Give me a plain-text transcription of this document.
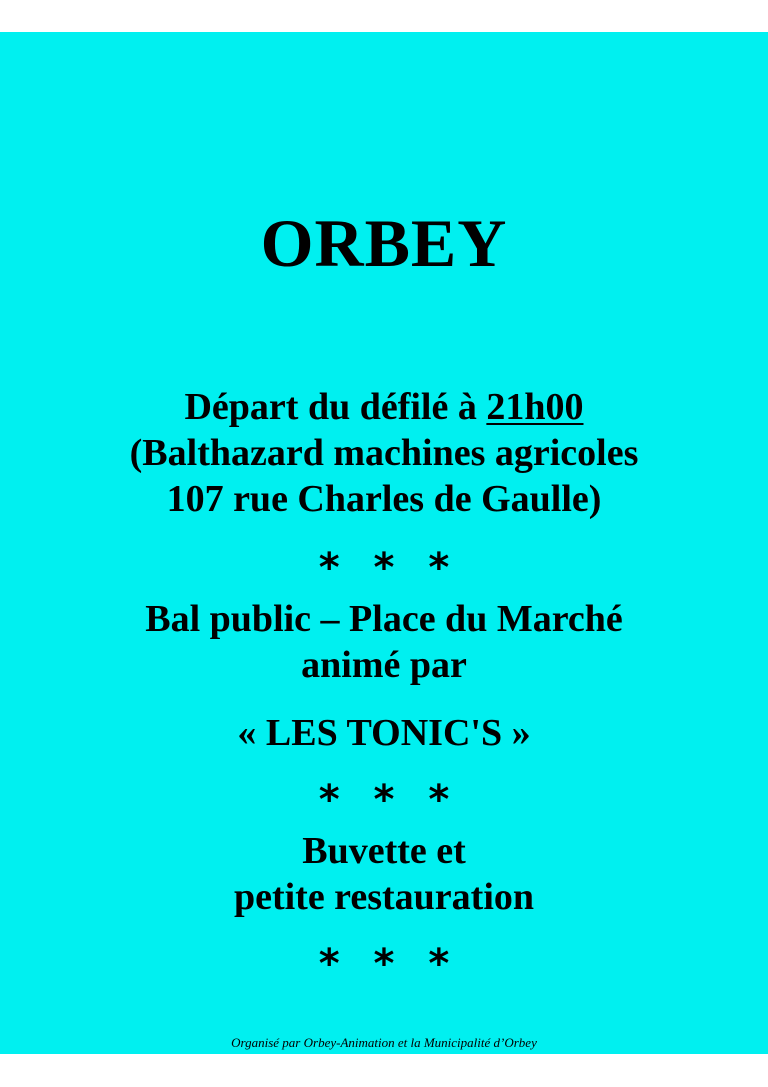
ORBEY
Départ du défilé à 21h00
(Balthazard machines agricoles
107 rue Charles de Gaulle)
* * *
Bal public – Place du Marché
animé par
« LES TONIC'S »
* * *
Buvette et
petite restauration
* * *
Organisé par Orbey-Animation et la Municipalité d’Orbey
